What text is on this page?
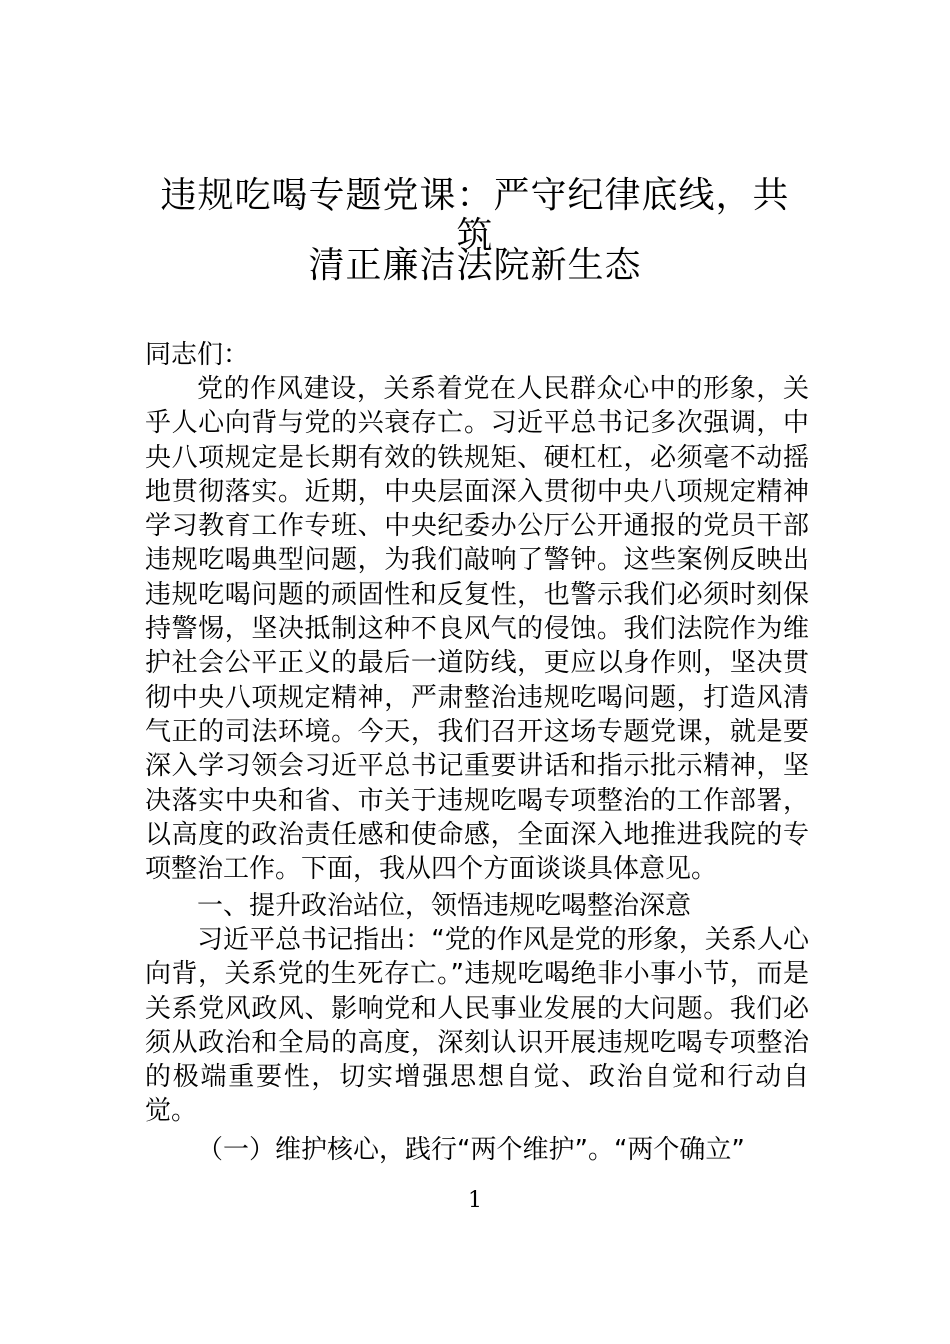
违规吃喝专题党课：严守纪律底线，共筑
清正廉洁法院新生态

同志们：

党的作风建设，关系着党在人民群众心中的形象，关乎人心向背与党的兴衰存亡。习近平总书记多次强调，中央八项规定是长期有效的铁规矩、硬杠杠，必须毫不动摇地贯彻落实。近期，中央层面深入贯彻中央八项规定精神学习教育工作专班、中央纪委办公厅公开通报的党员干部违规吃喝典型问题，为我们敲响了警钟。这些案例反映出违规吃喝问题的顽固性和反复性，也警示我们必须时刻保持警惕，坚决抵制这种不良风气的侵蚀。我们法院作为维护社会公平正义的最后一道防线，更应以身作则，坚决贯彻中央八项规定精神，严肃整治违规吃喝问题，打造风清气正的司法环境。今天，我们召开这场专题党课，就是要深入学习领会习近平总书记重要讲话和指示批示精神，坚决落实中央和省、市关于违规吃喝专项整治的工作部署，以高度的政治责任感和使命感，全面深入地推进我院的专项整治工作。下面，我从四个方面谈谈具体意见。

一、提升政治站位，领悟违规吃喝整治深意

习近平总书记指出：“党的作风是党的形象，关系人心向背，关系党的生死存亡。”违规吃喝绝非小事小节，而是关系党风政风、影响党和人民事业发展的大问题。我们必须从政治和全局的高度，深刻认识开展违规吃喝专项整治的极端重要性，切实增强思想自觉、政治自觉和行动自觉。

（一）维护核心，践行“两个维护”。“两个确立”

1
